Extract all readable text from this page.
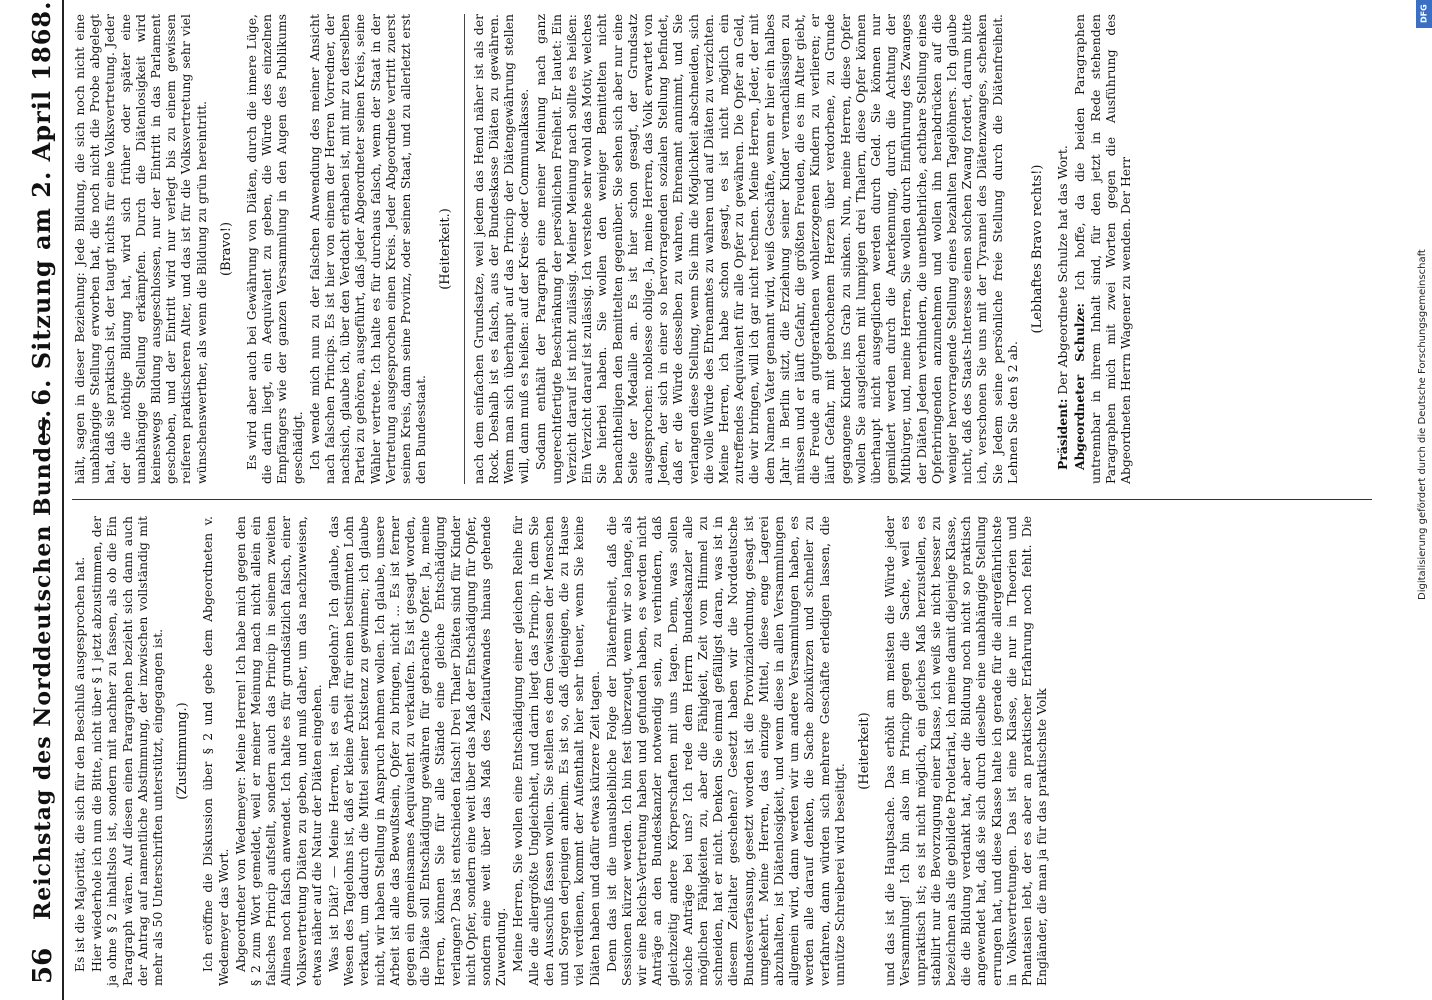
56
Reichstag des Norddeutschen Bundes.
— 6. Sitzung am 2. April 1868.

Es ist die Majorität, die sich für den Beschluß ausgesprochen hat. Hier wiederhole ich nun die Bitte, nicht über § 1 jetzt abzustimmen, der ja ohne § 2 inhaltslos ist, sondern mit nachher zu fassen, als ob die Ein Paragraph wären. Auf diesen einen Paragraphen bezieht sich dann auch der Antrag auf namentliche Abstimmung, der inzwischen vollständig mit mehr als 50 Unterschriften unterstützt, eingegangen ist. (Zustimmung.) Ich eröffne die Diskussion über § 2 und gebe dem Abgeordneten v. Wedemeyer das Wort. Abgeordneter von Wedemeyer: Meine Herren! Ich habe mich gegen den § 2 zum Wort gemeldet, weil er meiner Meinung nach nicht allein ein falsches Princip aufstellt, sondern auch das Princip in seinem zweiten Alinea noch falsch anwendet. Ich halte es für grundsätzlich falsch, einer Volksvertretung Diäten zu geben, und muß daher, um das nachzuweisen, etwas näher auf die Natur der Diäten eingehen. Was ist Diät? — Meine Herren, ist es ein Tagelohn? Ich glaube, das Wesen des Tagelohns ist, daß er kleine Arbeit für einen bestimmten Lohn verkauft, um dadurch die Mittel seiner Existenz zu gewinnen; ich glaube nicht, wir haben Stellung in Anspruch nehmen wollen. Ich glaube, unsere Arbeit ist alle das Bewußtsein, Opfer zu bringen, nicht ... Es ist ferner gegen ein gemeinsames Aequivalent zu verkaufen. Es ist gesagt worden, die Diäte soll Entschädigung gewähren für gebrachte Opfer. Ja, meine Herren, können Sie für alle Stände eine gleiche Entschädigung verlangen? Das ist entschieden falsch! Drei Thaler Diäten sind für Kinder nicht Opfer, sondern eine weit über das Maß der Entschädigung für Opfer, sondern eine weit über das Maß des Zeitaufwandes hinaus gehende Zuwendung. Meine Herren, Sie wollen eine Entschädigung einer gleichen Reihe für Alle die allergrößte Ungleichheit, und darin liegt das Princip, in dem Sie den Ausschuß fassen wollen. Sie stellen es dem Gewissen der Menschen und Sorgen derjenigen anheim. Es ist so, daß diejenigen, die zu Hause viel verdienen, kommt der Aufenthalt hier sehr theuer, wenn Sie keine Diäten haben und dafür etwas kürzere Zeit tagen. Denn das ist die unausbleibliche Folge der Diätenfreiheit, daß die Sessionen kürzer werden. Ich bin fest überzeugt, wenn wir so lange, als wir eine Reichs-Vertretung haben und gefunden haben, es werden nicht Anträge an den Bundeskanzler notwendig sein, zu verhindern, daß gleichzeitig andere Körperschaften mit uns tagen. Denn, was sollen solche Anträge bei uns? Ich rede dem Herrn Bundeskanzler alle möglichen Fähigkeiten zu, aber die Fähigkeit, Zeit vom Himmel zu schneiden, hat er nicht. Denken Sie einmal gefälligst daran, was ist in diesem Zeitalter geschehen? Gesetzt haben wir die Norddeutsche Bundesverfassung, gesetzt worden ist die Provinzialordnung, gesagt ist umgekehrt. Meine Herren, das einzige Mittel, diese enge Lagerei abzuhalten, ist Diätenlosigkeit, und wenn diese in allen Versammlungen allgemein wird, dann werden wir um andere Versammlungen haben, es werden alle darauf denken, die Sache abzukürzen und schneller zu verfahren, dann würden sich mehrere Geschäfte erledigen lassen, die unnütze Schreiberei wird beseitigt.

(Heiterkeit) und das ist die Hauptsache. Das erhöht am meisten die Würde jeder Versammlung! Ich bin also im Princip gegen die Sache, weil es unpraktisch ist; es ist nicht möglich, ein gleiches Maß herzustellen, es stabilirt nur die Bevorzugung einer Klasse, ich weiß sie nicht besser zu bezeichnen als die gebildete Proletariat, ich meine damit diejenige Klasse, die die Bildung verdankt hat, aber die Bildung noch nicht so praktisch angewendet hat, daß sie sich durch dieselbe eine unabhängige Stellung errungen hat, und diese Klasse halte ich gerade für die allergefährlichste in Volksvertretungen. Das ist eine Klasse, die nur in Theorien und Phantasien lebt, der es aber an praktischer Erfahrung noch fehlt. Die Engländer, die man ja für das praktischste Volk

hält, sagen in dieser Beziehung: Jede Bildung, die sich noch nicht eine unabhängige Stellung erworben hat, die noch nicht die Probe abgelegt hat, daß sie praktisch ist, der taugt nichts für eine Volksvertretung. Jeder der die nöthige Bildung hat, wird sich früher oder später eine unabhängige Stellung erkämpfen. Durch die Diätenlosigkeit wird keineswegs Bildung ausgeschlossen, nur der Eintritt in das Parlament geschoben, und der Eintritt wird nur verlegt bis zu einem gewissen reiferen praktischeren Alter, und das ist für die Volksvertretung sehr viel wünschenswerther, als wenn die Bildung zu grün hereintritt. (Bravo!) Es wird aber auch bei Gewährung von Diäten, durch die innere Lüge, die darin liegt, ein Aequivalent zu geben, die Würde des einzelnen Empfängers wie der ganzen Versammlung in den Augen des Publikums geschädigt. Ich wende mich nun zu der falschen Anwendung des meiner Ansicht nach falschen Princips. Es ist hier von einem der Herren Vorredner, der nachsich, glaube ich, über den Verdacht erhaben ist, mit mir zu derselben Partei zu gehören, ausgeführt, daß jeder Abgeordneter seinen Kreis, seine Wähler vertrete. Ich halte es für durchaus falsch, wenn der Staat in der Vertretung ausgesprochen einen Kreis. Jeder Abgeordnete vertritt zuerst seinen Kreis, dann seine Provinz, oder seinen Staat, und zu allerletzt erst den Bundesstaat.

(Heiterkeit.) nach dem einfachen Grundsatze, weil jedem das Hemd näher ist als der Rock. Deshalb ist es falsch, aus der Bundeskasse Diäten zu gewähren. Wenn man sich überhaupt auf das Princip der Diätengewährung stellen will, dann muß es heißen: auf der Kreis- oder Communalkasse. Sodann enthält der Paragraph eine meiner Meinung nach ganz ungerechtfertigte Beschränkung der persönlichen Freiheit. Er lautet: Ein Verzicht darauf ist nicht zulässig. Meiner Meinung nach sollte es heißen: Ein Verzicht darauf ist zulässig. Ich verstehe sehr wohl das Motiv, welches Sie hierbei haben. Sie wollen den weniger Bemittelten nicht benachtheiligen den Bemittelten gegenüber. Sie sehen sich aber nur eine Seite der Medaille an. Es ist hier schon gesagt, der Grundsatz ausgesprochen: noblesse oblige. Ja, meine Herren, das Volk erwartet von Jedem, der sich in einer so hervorragenden sozialen Stellung befindet, daß er die Würde desselben zu wahren, Ehrenamt annimmt, und Sie verlangen diese Stellung, wenn Sie ihm die Möglichkeit abschneiden, sich die volle Würde des Ehrenamtes zu wahren und auf Diäten zu verzichten. Meine Herren, ich habe schon gesagt, es ist nicht möglich ein zutreffendes Aequivalent für alle Opfer zu gewähren. Die Opfer an Geld, die wir bringen, will ich gar nicht rechnen. Meine Herren, Jeder, der mit dem Namen Vater genannt wird, weiß Geschäfte, wenn er hier ein halbes Jahr in Berlin sitzt, die Erziehung seiner Kinder vernachlässigen zu müssen und er läuft Gefahr, die größten Freuden, die es im Alter giebt, die Freude an gutgerathenen wohlerzogenen Kindern zu verlieren; er läuft Gefahr, mit gebrochenem Herzen über verdorbene, zu Grunde gegangene Kinder ins Grab zu sinken. Nun, meine Herren, diese Opfer wollen Sie ausgleichen mit lumpigen drei Thalern, diese Opfer können überhaupt nicht ausgeglichen werden durch Geld. Sie können nur gemildert werden durch die Anerkennung, durch die Achtung der Mitbürger, und, meine Herren, Sie wollen durch Einführung des Zwanges der Diäten Jedem verhindern, die unentbehrliche, achtbare Stellung eines Opferbringenden anzunehmen und wollen ihn herabdrücken auf die weniger hervorragende Stellung eines bezahlten Tagelöhners. Ich glaube nicht, daß des Staats-Interesse einen solchen Zwang fordert, darum bitte ich, verschonen Sie uns mit der Tyrannei des Diätenzwanges, schenken Sie Jedem seine persönliche freie Stellung durch die Diätenfreiheit. Lehnen Sie den § 2 ab.

(Lebhaftes Bravo rechts!)

Präsident: Der Abgeordnete Schulze hat das Wort. Abgeordneter Schulze: Ich hoffe, da die beiden Paragraphen untrennbar in ihrem Inhalt sind, für den jetzt in Rede stehenden Paragraphen mich mit zwei Worten gegen die Ausführung des Abgeordneten Herrn Wagener zu wenden. Der Herr

DFG
Digitalisierung gefördert durch die Deutsche Forschungsgemeinschaft
